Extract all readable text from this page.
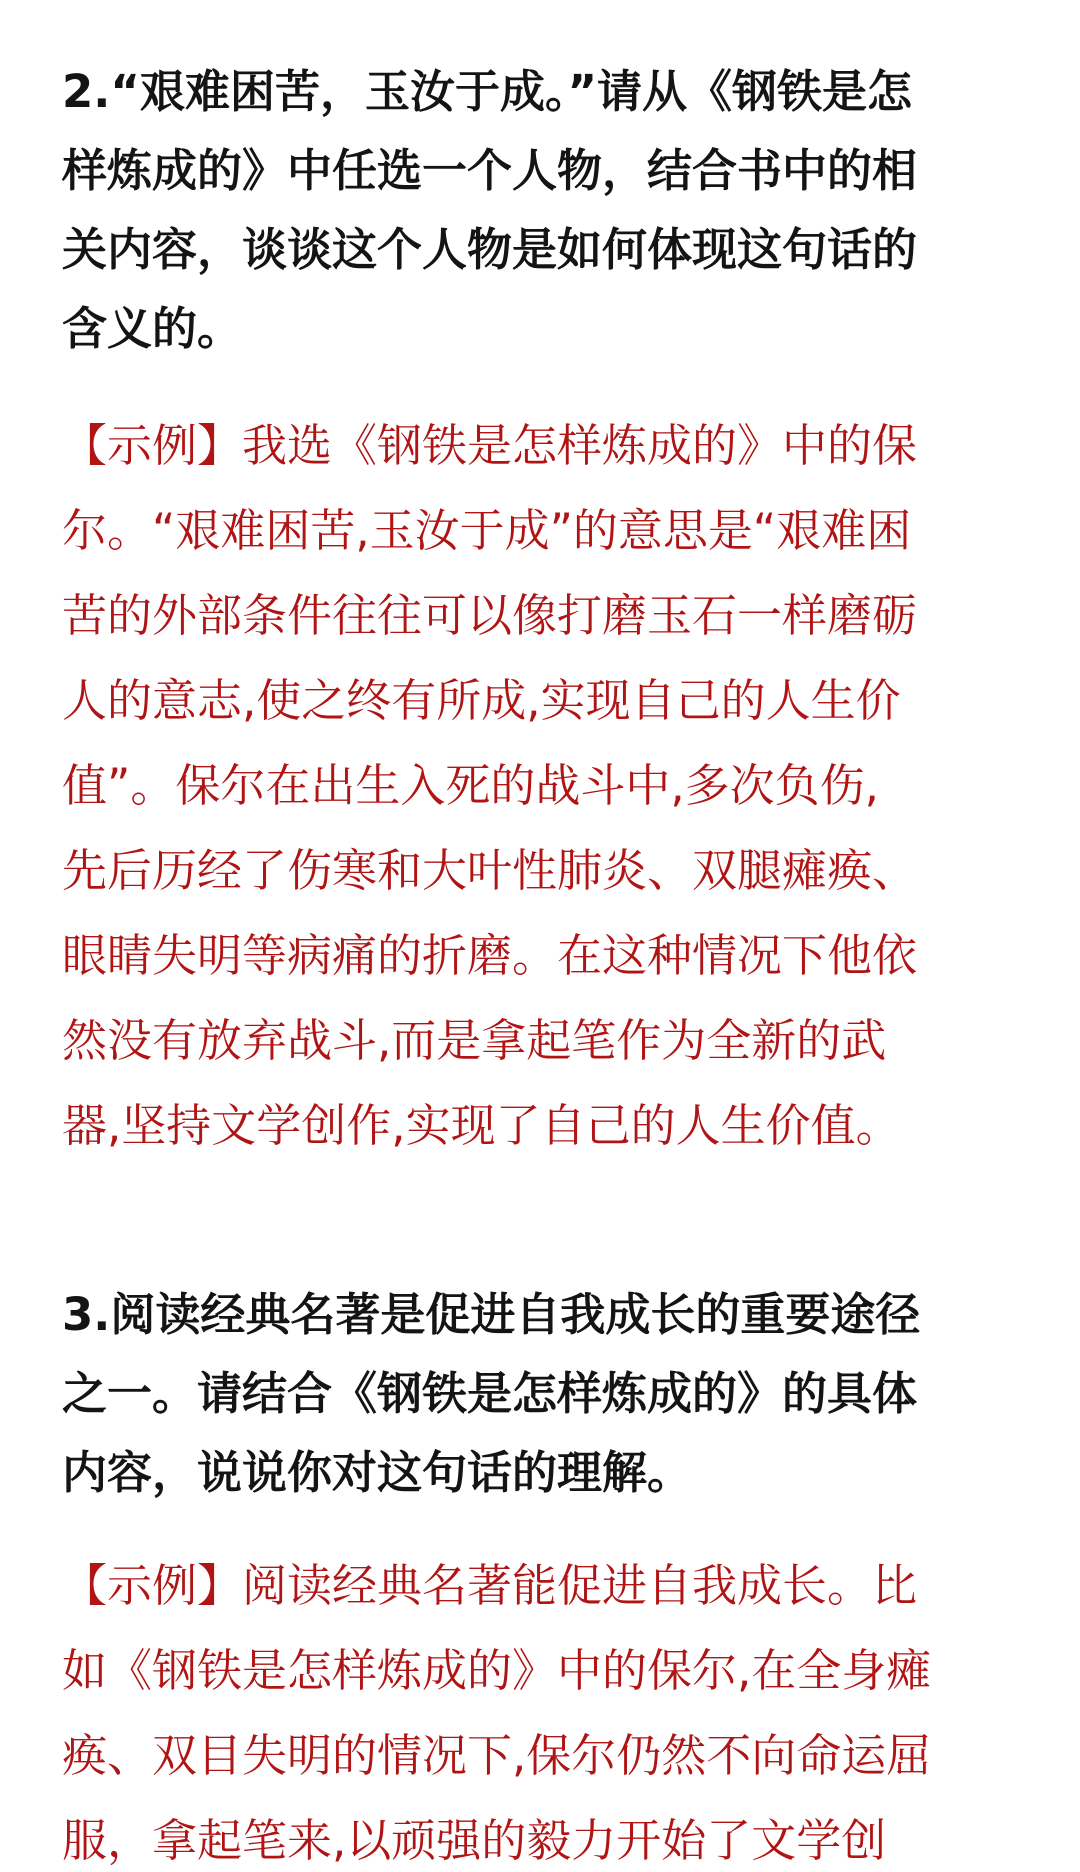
2.“艰难困苦，玉汝于成。”请从《钢铁是怎
样炼成的》中任选一个人物，结合书中的相
关内容，谈谈这个人物是如何体现这句话的
含义的。

【示例】我选《钢铁是怎样炼成的》中的保
尔。“艰难困苦,玉汝于成”的意思是“艰难困
苦的外部条件往往可以像打磨玉石一样磨砺
人的意志,使之终有所成,实现自己的人生价
值”。保尔在出生入死的战斗中,多次负伤,
先后历经了伤寒和大叶性肺炎、双腿瘫痪、
眼睛失明等病痛的折磨。在这种情况下他依
然没有放弃战斗,而是拿起笔作为全新的武
器,坚持文学创作,实现了自己的人生价值。

3.阅读经典名著是促进自我成长的重要途径
之一。请结合《钢铁是怎样炼成的》的具体
内容，说说你对这句话的理解。

【示例】阅读经典名著能促进自我成长。比
如《钢铁是怎样炼成的》中的保尔,在全身瘫
痪、双目失明的情况下,保尔仍然不向命运屈
服，拿起笔来,以顽强的毅力开始了文学创
